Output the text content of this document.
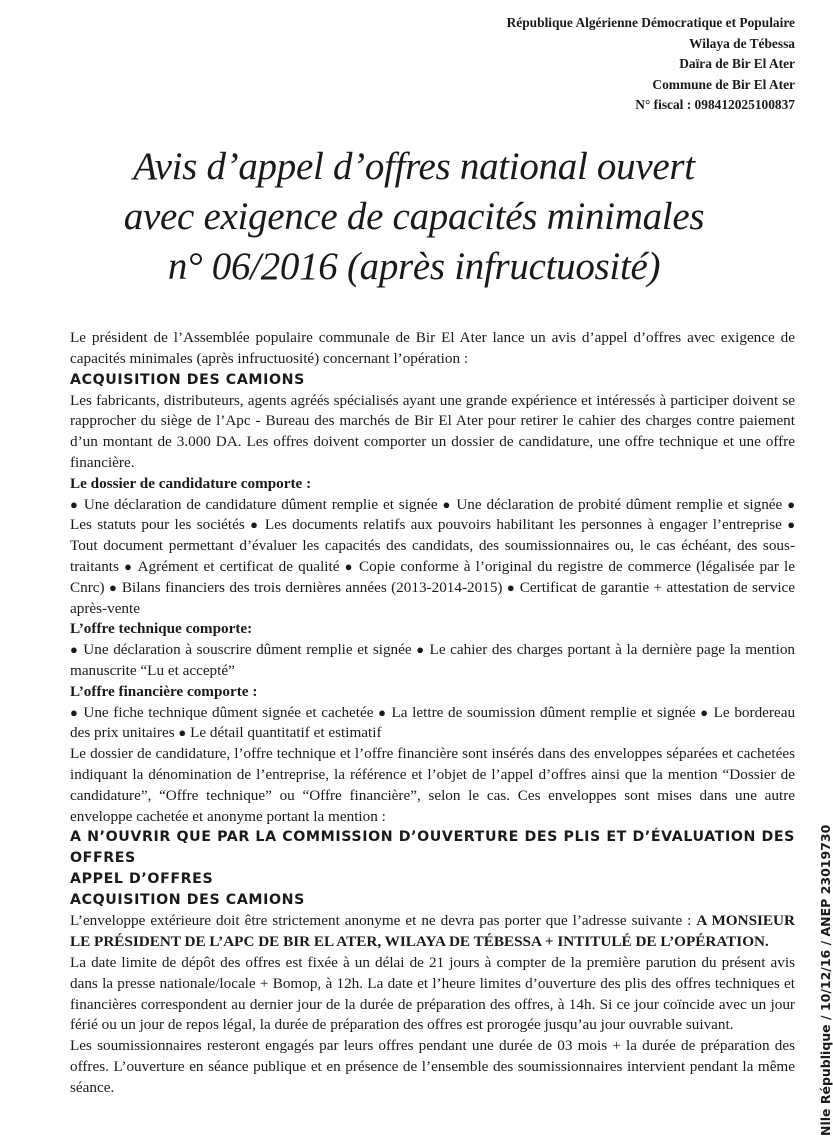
République Algérienne Démocratique et Populaire
Wilaya de Tébessa
Daïra de Bir El Ater
Commune de Bir El Ater
N° fiscal : 098412025100837
Avis d’appel d’offres national ouvert
avec exigence de capacités minimales
n° 06/2016 (après infructuosité)

Le président de l’Assemblée populaire communale de Bir El Ater lance un avis d’appel d’offres avec exigence de capacités minimales (après infructuosité) concernant l’opération :

ACQUISITION DES CAMIONS

Les fabricants, distributeurs, agents agréés spécialisés ayant une grande expérience et intéressés à participer doivent se rapprocher du siège de l’Apc - Bureau des marchés de Bir El Ater pour retirer le cahier des charges contre paiement d’un montant de 3.000 DA. Les offres doivent comporter un dossier de candidature, une offre technique et une offre financière.

Le dossier de candidature comporte :

● Une déclaration de candidature dûment remplie et signée ● Une déclaration de probité dûment remplie et signée ● Les statuts pour les sociétés ● Les documents relatifs aux pouvoirs habilitant les personnes à engager l’entreprise ● Tout document permettant d’évaluer les capacités des candidats, des soumissionnaires ou, le cas échéant, des sous-traitants ● Agrément et certificat de qualité ● Copie conforme à l’original du registre de commerce (légalisée par le Cnrc) ● Bilans financiers des trois dernières années (2013-2014-2015) ● Certificat de garantie + attestation de service après-vente

L’offre technique comporte:

● Une déclaration à souscrire dûment remplie et signée ● Le cahier des charges portant à la dernière page la mention manuscrite “Lu et accepté”

L’offre financière comporte :

● Une fiche technique dûment signée et cachetée ● La lettre de soumission dûment remplie et signée ● Le bordereau des prix unitaires ● Le détail quantitatif et estimatif

Le dossier de candidature, l’offre technique et l’offre financière sont insérés dans des enveloppes séparées et cachetées indiquant la dénomination de l’entreprise, la référence et l’objet de l’appel d’offres ainsi que la mention “Dossier de candidature”, “Offre technique” ou “Offre financière”, selon le cas. Ces enveloppes sont mises dans une autre enveloppe cachetée et anonyme portant la mention :

A N’OUVRIR QUE PAR LA COMMISSION D’OUVERTURE DES PLIS ET D’ÉVALUATION DES OFFRES

APPEL D’OFFRES

ACQUISITION DES CAMIONS

L’enveloppe extérieure doit être strictement anonyme et ne devra pas porter que l’adresse suivante : A MONSIEUR LE PRÉSIDENT DE L’APC DE BIR EL ATER, WILAYA DE TÉBESSA + INTITULÉ DE L’OPÉRATION.

La date limite de dépôt des offres est fixée à un délai de 21 jours à compter de la première parution du présent avis dans la presse nationale/locale + Bomop, à 12h. La date et l’heure limites d’ouverture des plis des offres techniques et financières correspondent au dernier jour de la durée de préparation des offres, à 14h. Si ce jour coïncide avec un jour férié ou un jour de repos légal, la durée de préparation des offres est prorogée jusqu’au jour ouvrable suivant.

Les soumissionnaires resteront engagés par leurs offres pendant une durée de 03 mois + la durée de préparation des offres. L’ouverture en séance publique et en présence de l’ensemble des soumissionnaires intervient pendant la même séance.	Nlle République / 10/12/16 / ANEP 23019730
